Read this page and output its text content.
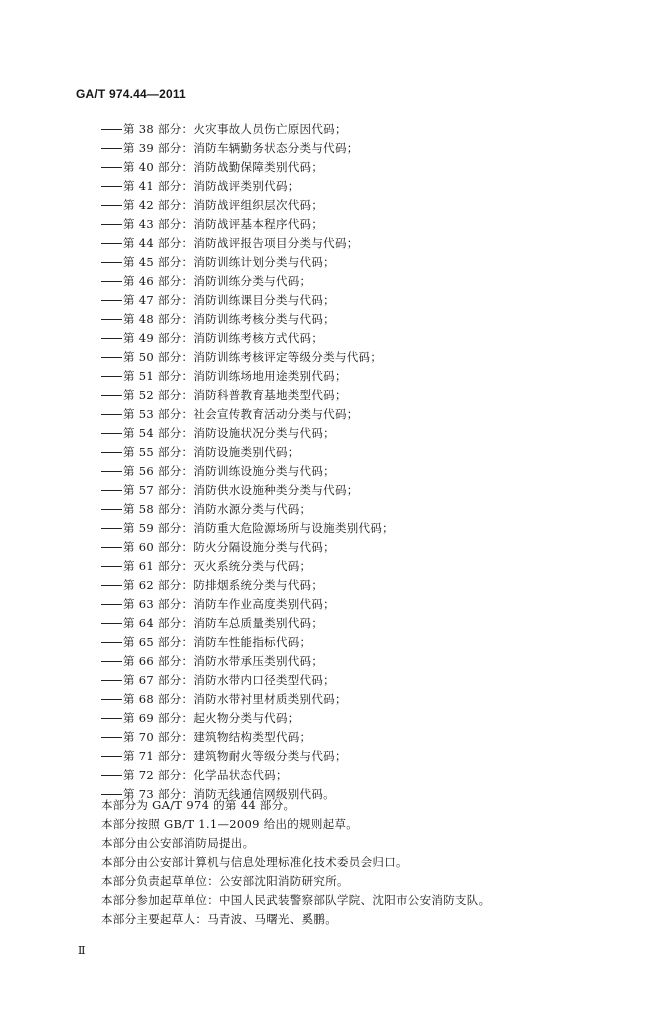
GA/T 974.44—2011
第 38 部分：火灾事故人员伤亡原因代码；
第 39 部分：消防车辆勤务状态分类与代码；
第 40 部分：消防战勤保障类别代码；
第 41 部分：消防战评类别代码；
第 42 部分：消防战评组织层次代码；
第 43 部分：消防战评基本程序代码；
第 44 部分：消防战评报告项目分类与代码；
第 45 部分：消防训练计划分类与代码；
第 46 部分：消防训练分类与代码；
第 47 部分：消防训练课目分类与代码；
第 48 部分：消防训练考核分类与代码；
第 49 部分：消防训练考核方式代码；
第 50 部分：消防训练考核评定等级分类与代码；
第 51 部分：消防训练场地用途类别代码；
第 52 部分：消防科普教育基地类型代码；
第 53 部分：社会宣传教育活动分类与代码；
第 54 部分：消防设施状况分类与代码；
第 55 部分：消防设施类别代码；
第 56 部分：消防训练设施分类与代码；
第 57 部分：消防供水设施种类分类与代码；
第 58 部分：消防水源分类与代码；
第 59 部分：消防重大危险源场所与设施类别代码；
第 60 部分：防火分隔设施分类与代码；
第 61 部分：灭火系统分类与代码；
第 62 部分：防排烟系统分类与代码；
第 63 部分：消防车作业高度类别代码；
第 64 部分：消防车总质量类别代码；
第 65 部分：消防车性能指标代码；
第 66 部分：消防水带承压类别代码；
第 67 部分：消防水带内口径类型代码；
第 68 部分：消防水带衬里材质类别代码；
第 69 部分：起火物分类与代码；
第 70 部分：建筑物结构类型代码；
第 71 部分：建筑物耐火等级分类与代码；
第 72 部分：化学品状态代码；
第 73 部分：消防无线通信网级别代码。
本部分为 GA/T 974 的第 44 部分。
本部分按照 GB/T 1.1—2009 给出的规则起草。
本部分由公安部消防局提出。
本部分由公安部计算机与信息处理标准化技术委员会归口。
本部分负责起草单位：公安部沈阳消防研究所。
本部分参加起草单位：中国人民武装警察部队学院、沈阳市公安消防支队。
本部分主要起草人：马青波、马曙光、奚鹏。
Ⅱ
